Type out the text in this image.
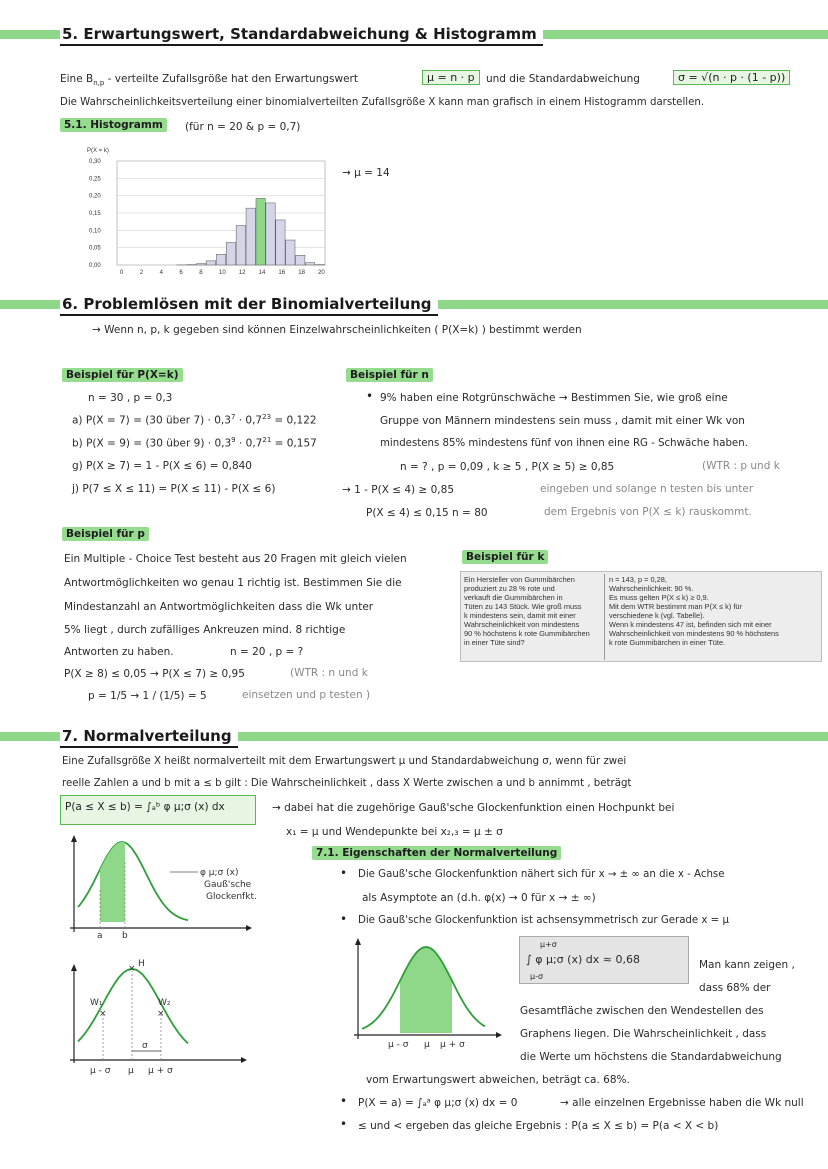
5. Erwartungswert, Standardabweichung & Histogramm
Eine $B_{n,p}$ - verteilte Zufallsgröße hat den Erwartungswert	μ = n · p	und die Standardabweichung	σ = √(n · p · (1 - p))
Die Wahrscheinlichkeitsverteilung einer binomialverteilten Zufallsgröße X kann man grafisch in einem Histogramm darstellen.
5.1. Histogramm	(für n = 20 & p = 0,7)
P(X = k)
0,30
0,25
0,20
0,15
0,10
0,05
0,00
0	2	4	6	8	10 12 14 16 18 20
→ μ = 14
6. Problemlösen mit der Binomialverteilung
→ Wenn n, p, k gegeben sind können Einzelwahrscheinlichkeiten ( P(X=k) ) bestimmt werden
Beispiel für P(X=k)
n = 30 , p = 0,3
a) P(X = 7) = (30 über $7) \cdot 0,3^7 \cdot 0,7^{23} = 0,122$
b) P(X = 9) = (30 über $9) \cdot 0,3^9 \cdot 0,7^{21} = 0,157$
g) P(X ≥ 7) = 1 - P(X ≤ 6) = 0,840
j) P(7 ≤ X ≤ 11) = P(X ≤ 11) - P(X ≤ 6)
Beispiel für n
• 9% haben eine Rotgrünschwäche → Bestimmen Sie, wie groß eine
Gruppe von Männern mindestens sein muss , damit mit einer Wk von
mindestens 85% mindestens fünf von ihnen eine RG - Schwäche haben.
n = ? , p = 0,09 , k ≥ 5 , P(X ≥ 5) ≥ 0,85	(WTR : p und k
→ 1 - P(X ≤ 4) ≥ 0,85	eingeben und solange n testen bis unter
P(X ≤ 4) ≤ 0,15 n = 80	dem Ergebnis von P(X ≤ k) rauskommt.
Beispiel für p
Ein Multiple - Choice Test besteht aus 20 Fragen mit gleich vielen
Antwortmöglichkeiten wo genau 1 richtig ist. Bestimmen Sie die
Mindestanzahl an Antwortmöglichkeiten dass die Wk unter
5% liegt , durch zufälliges Ankreuzen mind. 8 richtige
Antworten zu haben.	n = 20 , p = ?
P(X ≥ 8) ≤ 0,05 → P(X ≤ 7) ≥ 0,95	(WTR : n und k
p = 1/5 → 1 / (1/5) = 5	einsetzen und p testen )
Beispiel für k
Ein Hersteller von Gummibärchen
produziert zu 28 % rote und
verkauft die Gummibärchen in
Tüten zu 143 Stück. Wie groß muss
k mindestens sein, damit mit einer
Wahrscheinlichkeit von mindestens
90 % höchstens k rote Gummibärchen
in einer Tüte sind?
n = 143, p = 0,28,
Wahrscheinlichkeit: 90 %.
Es muss gelten P(X ≤ k) ≥ 0,9.
Mit dem WTR bestimmt man P(X ≤ k) für
verschiedene k (vgl. Tabelle).
Wenn k mindestens 47 ist, befinden sich mit einer
Wahrscheinlichkeit von mindestens 90 % höchstens
k rote Gummibärchen in einer Tüte.
7. Normalverteilung
Eine Zufallsgröße X heißt normalverteilt mit dem Erwartungswert μ und Standardabweichung σ, wenn für zwei
reelle Zahlen a und b mit a ≤ b gilt : Die Wahrscheinlichkeit , dass X Werte zwischen a und b annimmt , beträgt
P(a ≤ X ≤ b) = ∫ₐᵇ φ μ;σ (x) dx	→ dabei hat die zugehörige Gauß'sche Glockenfunktion einen Hochpunkt bei
x₁ = μ und Wendepunkte bei x₂,₃ = μ ± σ
a b
φ μ;σ (x)
Gauß'sche
Glockenfkt.
× H
×
W₁
×
W₂
σ
μ - σ μ μ + σ
7.1. Eigenschaften der Normalverteilung
• Die Gauß'sche Glockenfunktion nähert sich für x → ± ∞ an die x - Achse
als Asymptote an (d.h. φ(x) → 0 für x → ± ∞)
• Die Gauß'sche Glockenfunktion ist achsensymmetrisch zur Gerade x = μ
μ - σ μ μ + σ
μ+σ
∫ φ μ;σ (x) dx ≈ 0,68
μ-σ
Man kann zeigen ,
dass 68% der
Gesamtfläche zwischen den Wendestellen des
Graphens liegen. Die Wahrscheinlichkeit , dass
die Werte um höchstens die Standardabweichung
vom Erwartungswert abweichen, beträgt ca. 68%.
• P(X = a) = ∫ₐᵃ φ μ;σ (x) dx = 0	→ alle einzelnen Ergebnisse haben die Wk null
• ≤ und < ergeben das gleiche Ergebnis : P(a ≤ X ≤ b) = P(a < X < b)
